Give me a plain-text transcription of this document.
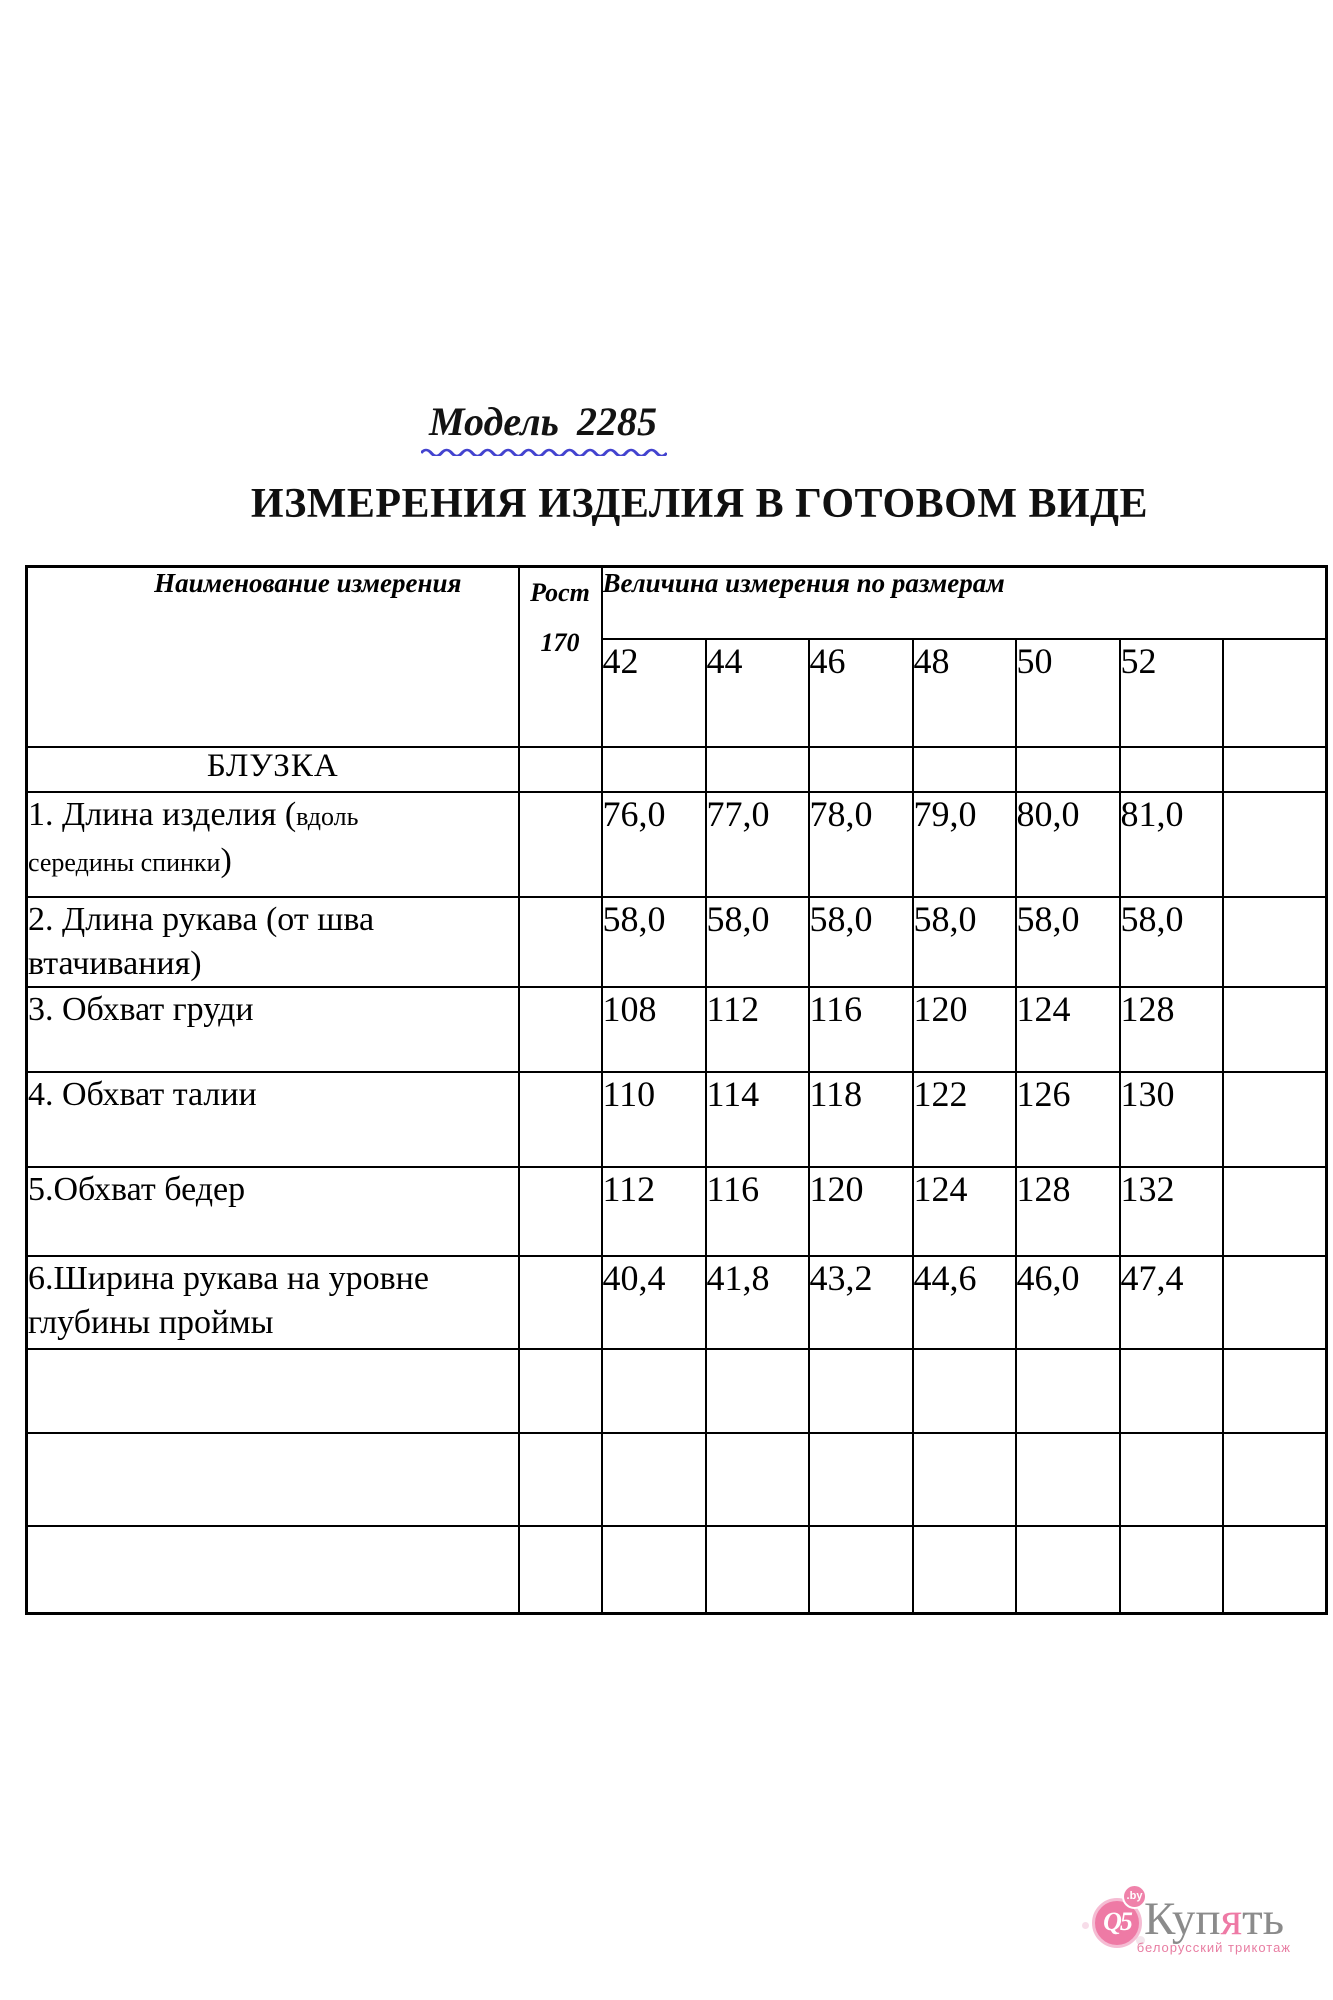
Модель 2285
ИЗМЕРЕНИЯ ИЗДЕЛИЯ В ГОТОВОМ ВИДЕ
Наименование измерения	Рост
170	Величина измерения по размерам						
		42	44	46	48	50	52	
БЛУЗКА								
1. Длина изделия (вдоль
середины спинки)		76,0	77,0	78,0	79,0	80,0	81,0	
2. Длина рукава (от шва втачивания)		58,0	58,0	58,0	58,0	58,0	58,0	
3. Обхват груди		108	112	116	120	124	128	
4. Обхват талии		110	114	118	122	126	130	
5.Обхват бедер		112	116	120	124	128	132	
6.Ширина рукава на уровне глубины проймы		40,4	41,8	43,2	44,6	46,0	47,4	

Q5
.by Купять
белорусский трикотаж
